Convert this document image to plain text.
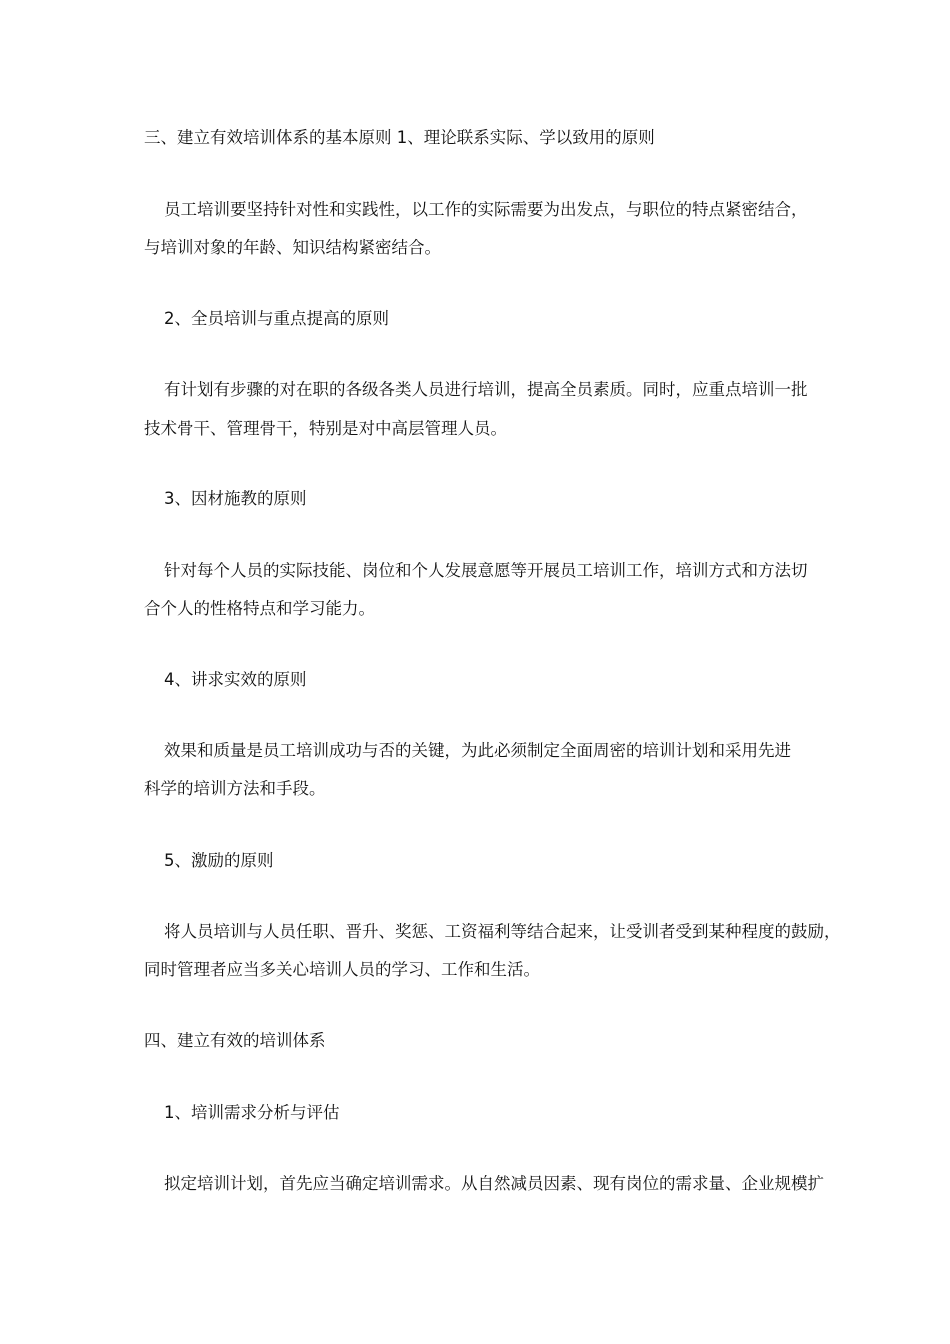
三、建立有效培训体系的基本原则 1、理论联系实际、学以致用的原则
员工培训要坚持针对性和实践性，以工作的实际需要为出发点，与职位的特点紧密结合，
与培训对象的年龄、知识结构紧密结合。
2、全员培训与重点提高的原则
有计划有步骤的对在职的各级各类人员进行培训，提高全员素质。同时，应重点培训一批
技术骨干、管理骨干，特别是对中高层管理人员。
3、因材施教的原则
针对每个人员的实际技能、岗位和个人发展意愿等开展员工培训工作，培训方式和方法切
合个人的性格特点和学习能力。
4、讲求实效的原则
效果和质量是员工培训成功与否的关键，为此必须制定全面周密的培训计划和采用先进
科学的培训方法和手段。
5、激励的原则
将人员培训与人员任职、晋升、奖惩、工资福利等结合起来，让受训者受到某种程度的鼓励，
同时管理者应当多关心培训人员的学习、工作和生活。
四、建立有效的培训体系
1、培训需求分析与评估
拟定培训计划，首先应当确定培训需求。从自然减员因素、现有岗位的需求量、企业规模扩
